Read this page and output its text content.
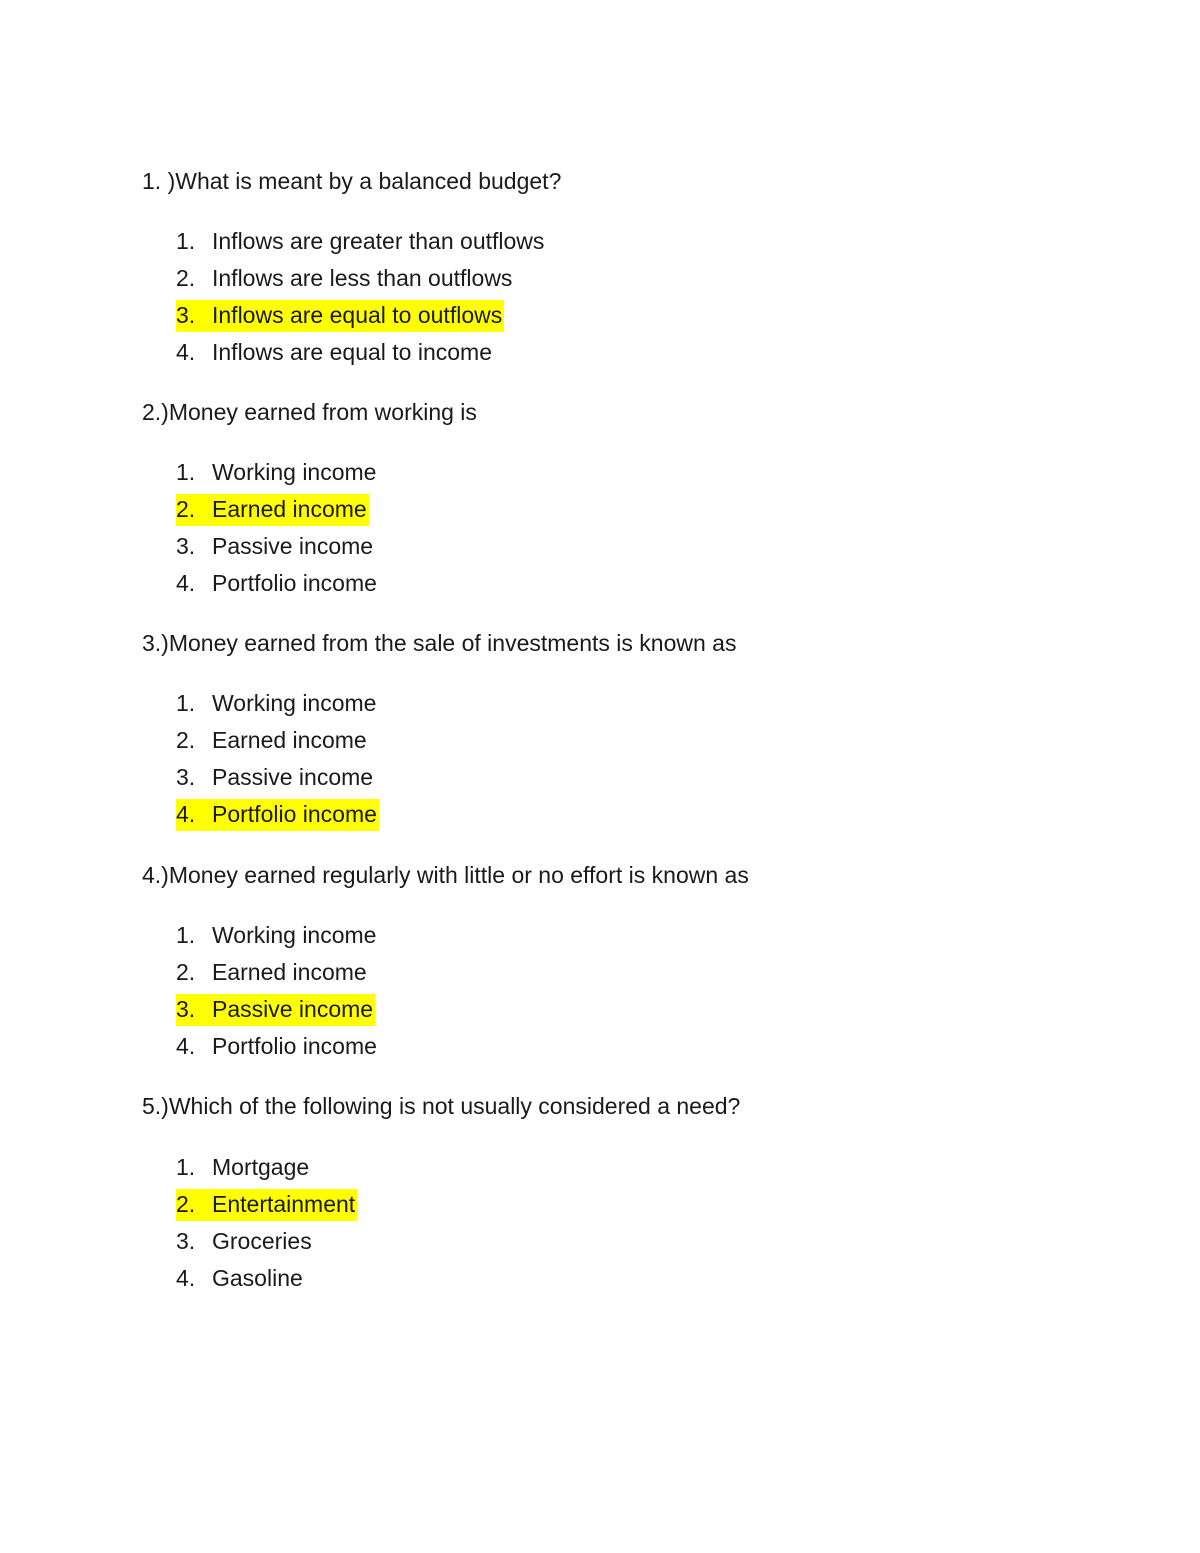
1. )What is meant by a balanced budget?
1. Inflows are greater than outflows
2. Inflows are less than outflows
3. Inflows are equal to outflows
4. Inflows are equal to income
2.)Money earned from working is
1. Working income
2. Earned income
3. Passive income
4. Portfolio income
3.)Money earned from the sale of investments is known as
1. Working income
2. Earned income
3. Passive income
4. Portfolio income
4.)Money earned regularly with little or no effort is known as
1. Working income
2. Earned income
3. Passive income
4. Portfolio income
5.)Which of the following is not usually considered a need?
1. Mortgage
2. Entertainment
3. Groceries
4. Gasoline
